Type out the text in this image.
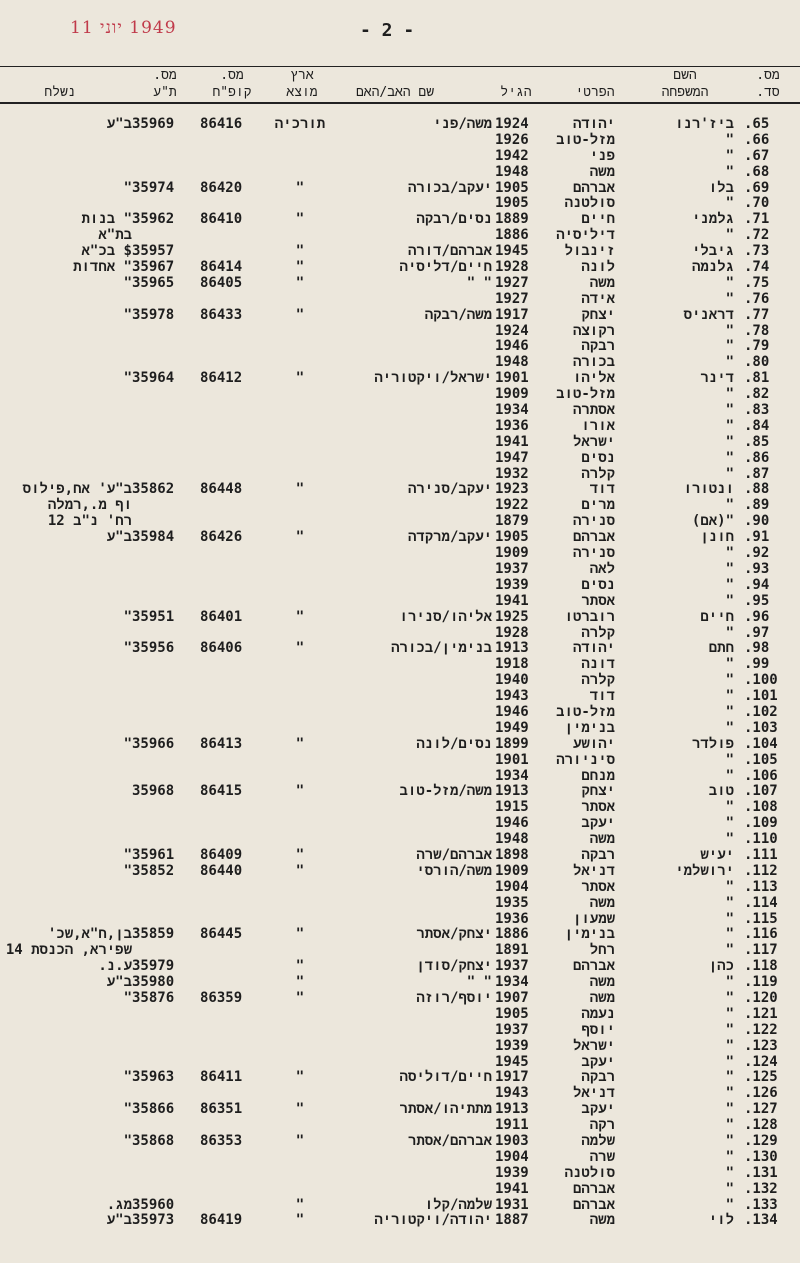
1949 יוני 11	- 2 -
מס.
סד.
השם
המשפחה
הפרטי
הגיל
שם האב/האם
ארץ
מוצא
מס.
קופ"ח
מס.
ת"ע
נשלח
.65
ביז'רנו
יהודה
1924
משה/פני
תורכיה
86416
35969
ב"ע
.66
"
מזל-טוב
1926
.67
"
פני
1942
.68
"
משה
1948
.69
בלו
אברהם
1905
יעקב/בכורה
"
86420
35974
"
.70
"
סולטנה
1905
.71
גלמני
חיים
1889
נסים/רבקה
"
86410
35962
" בנות
.72
"
דיליסיה
1886
בת"א
.73
גיבלי
זינבול
1945
אברהם/דורה
"
35957
$ בכ"א
.74
גלנמה
לונה
1928
חיים/דליסיה
"
86414
35967
" אחדות
.75
"
משה
1927
" "
"
86405
35965
"
.76
"
אידה
1927
.77
דראניס
יצחק
1917
משה/רבקה
"
86433
35978
"
.78
"
רקוצה
1924
.79
"
רבקה
1946
.80
"
בכורה
1948
.81
דינר
אליהו
1901
ישראל/ויקטוריה
"
86412
35964
"
.82
"
מזל-טוב
1909
.83
"
אסתרה
1934
.84
"
אורו
1936
.85
"
ישראל
1941
.86
"
נסים
1947
.87
"
קלרה
1932
.88
ונטורו
דוד
1923
יעקב/סנירה
"
86448
35862
ב"ע' אח,פילוס
.89
"
מרים
1922
וף מ.,רמלה
.90
"(אם)
סנירה
1879
רח' נ"ב 12
.91
חונן
אברהם
1905
יעקב/מרקדה
"
86426
35984
ב"ע
.92
"
סנירה
1909
.93
"
לאה
1937
.94
"
נסים
1939
.95
"
אסתר
1941
.96
חיים
רוברטו
1925
אליהו/סנירו
"
86401
35951
"
.97
"
קלרה
1928
.98
חתם
יהודה
1913
בנימין/בכורה
"
86406
35956
"
.99
"
דונה
1918
.100
"
קלרה
1940
.101
"
דוד
1943
.102
"
מזל-טוב
1946
.103
"
בנימין
1949
.104
פולדר
יהושע
1899
נסים/לונה
"
86413
35966
"
.105
"
סיניורה
1901
.106
"
מנחם
1934
.107
טוב
יצחק
1913
משה/מזל-טוב
"
86415
35968
.108
"
אסתר
1915
.109
"
יעקב
1946
.110
"
משה
1948
.111
יעיש
רבקה
1898
אברהם/שרה
"
86409
35961
"
.112
ירושלמי
דניאל
1909
משה/הורסי
"
86440
35852
"
.113
"
אסתר
1904
.114
"
משה
1935
.115
"
שמעון
1936
.116
"
בנימין
1886
יצחק/אסתר
"
86445
35859
בן,ח"א,שכ'
.117
"
רחל
1891
שפירא, הכנסת 14
.118
כהן
אברהם
1937
יצחק/סודן
"
35979
ע.נ.
.119
"
משה
1934
" "
"
35980
ב"ע
.120
"
משה
1907
יוסף/רוזה
"
86359
35876
"
.121
"
נעמה
1905
.122
"
יוסף
1937
.123
"
ישראל
1939
.124
"
יעקב
1945
.125
"
רבקה
1917
חיים/דוליסה
"
86411
35963
"
.126
"
דניאל
1943
.127
"
יעקב
1913
מתתיהו/אסתר
"
86351
35866
"
.128
"
רקה
1911
.129
"
שלמה
1903
אברהם/אסתר
"
86353
35868
"
.130
"
שרה
1904
.131
"
סולטנה
1939
.132
"
אברהם
1941
.133
"
אברהם
1931
שלמה/קלו
"
35960
מג.
.134
לוי
משה
1887
יהודה/ויקטוריה
"
86419
35973
ב"ע
